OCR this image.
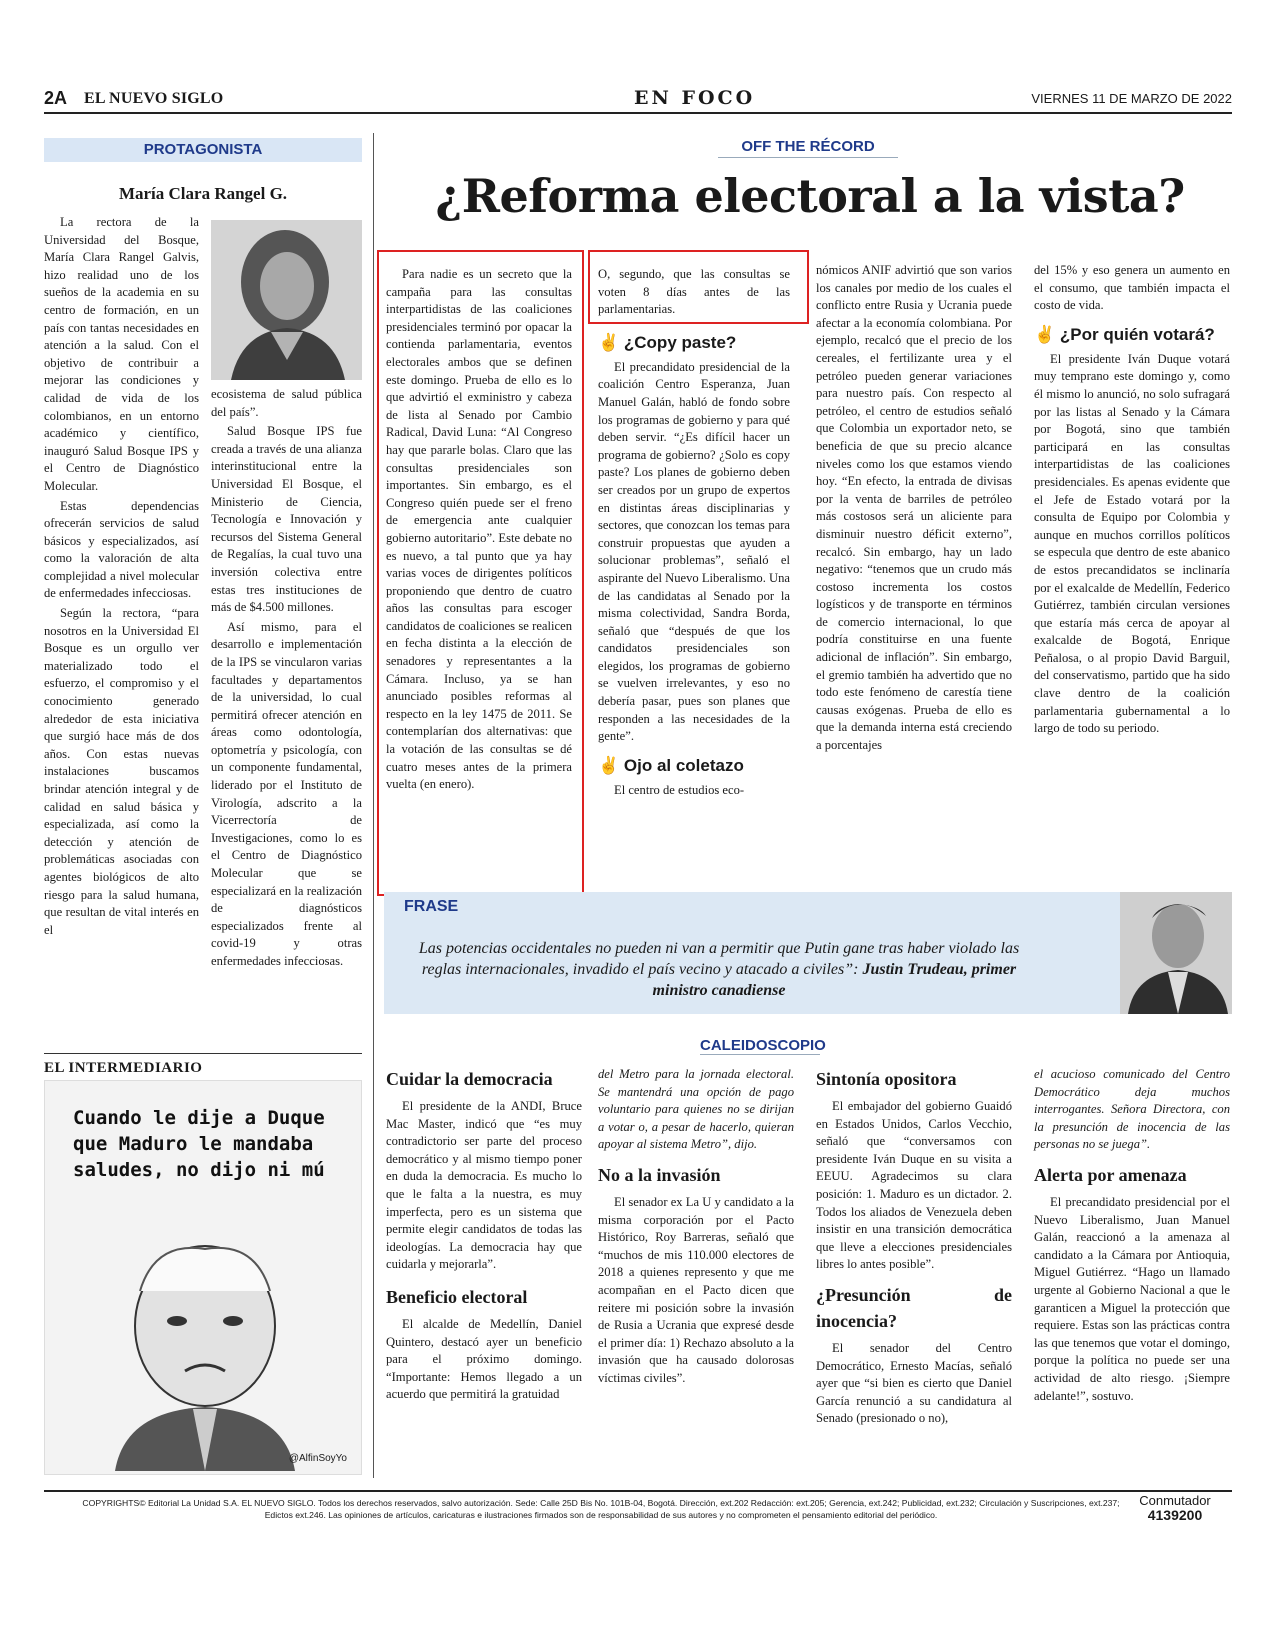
2A EL NUEVO SIGLO	EN FOCO	VIERNES 11 DE MARZO DE 2022
PROTAGONISTA
María Clara Rangel G.

La rectora de la Universidad del Bosque, María Clara Rangel Galvis, hizo realidad uno de los sueños de la academia en su centro de formación, en un país con tantas necesidades en atención a la salud. Con el objetivo de contribuir a mejorar las condiciones y calidad de vida de los colombianos, en un entorno académico y científico, inauguró Salud Bosque IPS y el Centro de Diagnóstico Molecular.

Estas dependencias ofrecerán servicios de salud básicos y especializados, así como la valoración de alta complejidad a nivel molecular de enfermedades infecciosas.

Según la rectora, “para nosotros en la Universidad El Bosque es un orgullo ver materializado todo el esfuerzo, el compromiso y el conocimiento generado alrededor de esta iniciativa que surgió hace más de dos años. Con estas nuevas instalaciones buscamos brindar atención integral y de calidad en salud básica y especializada, así como la detección y atención de problemáticas asociadas con agentes biológicos de alto riesgo para la salud humana, que resultan de vital interés en el

ecosistema de salud pública del país”.

Salud Bosque IPS fue creada a través de una alianza interinstitucional entre la Universidad El Bosque, el Ministerio de Ciencia, Tecnología e Innovación y recursos del Sistema General de Regalías, la cual tuvo una inversión colectiva entre estas tres instituciones de más de $4.500 millones.

Así mismo, para el desarrollo e implementación de la IPS se vincularon varias facultades y departamentos de la universidad, lo cual permitirá ofrecer atención en áreas como odontología, optometría y psicología, con un componente fundamental, liderado por el Instituto de Virología, adscrito a la Vicerrectoría de Investigaciones, como lo es el Centro de Diagnóstico Molecular que se especializará en la realización de diagnósticos especializados frente al covid-19 y otras enfermedades infecciosas.

EL INTERMEDIARIO
Cuando le dije a Duque que Maduro le mandaba saludes, no dijo ni mú
@AlfinSoyYo
OFF THE RÉCORD
¿Reforma electoral a la vista?

Para nadie es un secreto que la campaña para las consultas interpartidistas de las coaliciones presidenciales terminó por opacar la contienda parlamentaria, eventos electorales ambos que se definen este domingo. Prueba de ello es lo que advirtió el exministro y cabeza de lista al Senado por Cambio Radical, David Luna: “Al Congreso hay que pararle bolas. Claro que las consultas presidenciales son importantes. Sin embargo, es el Congreso quién puede ser el freno de emergencia ante cualquier gobierno autoritario”. Este debate no es nuevo, a tal punto que ya hay varias voces de dirigentes políticos proponiendo que dentro de cuatro años las consultas para escoger candidatos de coaliciones se realicen en fecha distinta a la elección de senadores y representantes a la Cámara. Incluso, ya se han anunciado posibles reformas al respecto en la ley 1475 de 2011. Se contemplarían dos alternativas: que la votación de las consultas se dé cuatro meses antes de la primera vuelta (en enero).

O, segundo, que las consultas se voten 8 días antes de las parlamentarias.

✌ ¿Copy paste?

El precandidato presidencial de la coalición Centro Esperanza, Juan Manuel Galán, habló de fondo sobre los programas de gobierno y para qué deben servir. “¿Es difícil hacer un programa de gobierno? ¿Solo es copy paste? Los planes de gobierno deben ser creados por un grupo de expertos en distintas áreas disciplinarias y sectores, que conozcan los temas para construir propuestas que ayuden a solucionar problemas”, señaló el aspirante del Nuevo Liberalismo. Una de las candidatas al Senado por la misma colectividad, Sandra Borda, señaló que “después de que los candidatos presidenciales son elegidos, los programas de gobierno se vuelven irrelevantes, y eso no debería pasar, pues son planes que responden a las necesidades de la gente”.

✌ Ojo al coletazo

El centro de estudios eco-

nómicos ANIF advirtió que son varios los canales por medio de los cuales el conflicto entre Rusia y Ucrania puede afectar a la economía colombiana. Por ejemplo, recalcó que el precio de los cereales, el fertilizante urea y el petróleo pueden generar variaciones para nuestro país. Con respecto al petróleo, el centro de estudios señaló que Colombia un exportador neto, se beneficia de que su precio alcance niveles como los que estamos viendo hoy. “En efecto, la entrada de divisas por la venta de barriles de petróleo más costosos será un aliciente para disminuir nuestro déficit externo”, recalcó. Sin embargo, hay un lado negativo: “tenemos que un crudo más costoso incrementa los costos logísticos y de transporte en términos de comercio internacional, lo que podría constituirse en una fuente adicional de inflación”. Sin embargo, el gremio también ha advertido que no todo este fenómeno de carestía tiene causas exógenas. Prueba de ello es que la demanda interna está creciendo a porcentajes

del 15% y eso genera un aumento en el consumo, que también impacta el costo de vida.

✌ ¿Por quién votará?

El presidente Iván Duque votará muy temprano este domingo y, como él mismo lo anunció, no solo sufragará por las listas al Senado y la Cámara por Bogotá, sino que también participará en las consultas interpartidistas de las coaliciones presidenciales. Es apenas evidente que el Jefe de Estado votará por la consulta de Equipo por Colombia y aunque en muchos corrillos políticos se especula que dentro de este abanico de estos precandidatos se inclinaría por el exalcalde de Medellín, Federico Gutiérrez, también circulan versiones que estaría más cerca de apoyar al exalcalde de Bogotá, Enrique Peñalosa, o al propio David Barguil, del conservatismo, partido que ha sido clave dentro de la coalición parlamentaria gubernamental a lo largo de todo su periodo.

FRASE
Las potencias occidentales no pueden ni van a permitir que Putin gane tras haber violado las reglas internacionales, invadido el país vecino y atacado a civiles”: Justin Trudeau, primer ministro canadiense
CALEIDOSCOPIO
Cuidar la democracia

El presidente de la ANDI, Bruce Mac Master, indicó que “es muy contradictorio ser parte del proceso democrático y al mismo tiempo poner en duda la democracia. Es mucho lo que le falta a la nuestra, es muy imperfecta, pero es un sistema que permite elegir candidatos de todas las ideologías. La democracia hay que cuidarla y mejorarla”.

Beneficio electoral

El alcalde de Medellín, Daniel Quintero, destacó ayer un beneficio para el próximo domingo. “Importante: Hemos llegado a un acuerdo que permitirá la gratuidad

del Metro para la jornada electoral. Se mantendrá una opción de pago voluntario para quienes no se dirijan a votar o, a pesar de hacerlo, quieran apoyar al sistema Metro”, dijo.

No a la invasión

El senador ex La U y candidato a la misma corporación por el Pacto Histórico, Roy Barreras, señaló que “muchos de mis 110.000 electores de 2018 a quienes represento y que me acompañan en el Pacto dicen que reitere mi posición sobre la invasión de Rusia a Ucrania que expresé desde el primer día: 1) Rechazo absoluto a la invasión que ha causado dolorosas víctimas civiles”.

Sintonía opositora

El embajador del gobierno Guaidó en Estados Unidos, Carlos Vecchio, señaló que “conversamos con presidente Iván Duque en su visita a EEUU. Agradecimos su clara posición: 1. Maduro es un dictador. 2. Todos los aliados de Venezuela deben insistir en una transición democrática que lleve a elecciones presidenciales libres lo antes posible”.

¿Presunción de inocencia?

El senador del Centro Democrático, Ernesto Macías, señaló ayer que “si bien es cierto que Daniel García renunció a su candidatura al Senado (presionado o no),

el acucioso comunicado del Centro Democrático deja muchos interrogantes. Señora Directora, con la presunción de inocencia de las personas no se juega”.

Alerta por amenaza

El precandidato presidencial por el Nuevo Liberalismo, Juan Manuel Galán, reaccionó a la amenaza al candidato a la Cámara por Antioquia, Miguel Gutiérrez. “Hago un llamado urgente al Gobierno Nacional a que le garanticen a Miguel la protección que requiere. Estas son las prácticas contra las que tenemos que votar el domingo, porque la política no puede ser una actividad de alto riesgo. ¡Siempre adelante!”, sostuvo.

COPYRIGHTS© Editorial La Unidad S.A. EL NUEVO SIGLO. Todos los derechos reservados, salvo autorización. Sede: Calle 25D Bis No. 101B-04, Bogotá. Dirección, ext.202 Redacción: ext.205; Gerencia, ext.242; Publicidad, ext.232; Circulación y Suscripciones, ext.237; Edictos ext.246. Las opiniones de artículos, caricaturas e ilustraciones firmados son de responsabilidad de sus autores y no comprometen el pensamiento editorial del periódico.
Conmutador
4139200
